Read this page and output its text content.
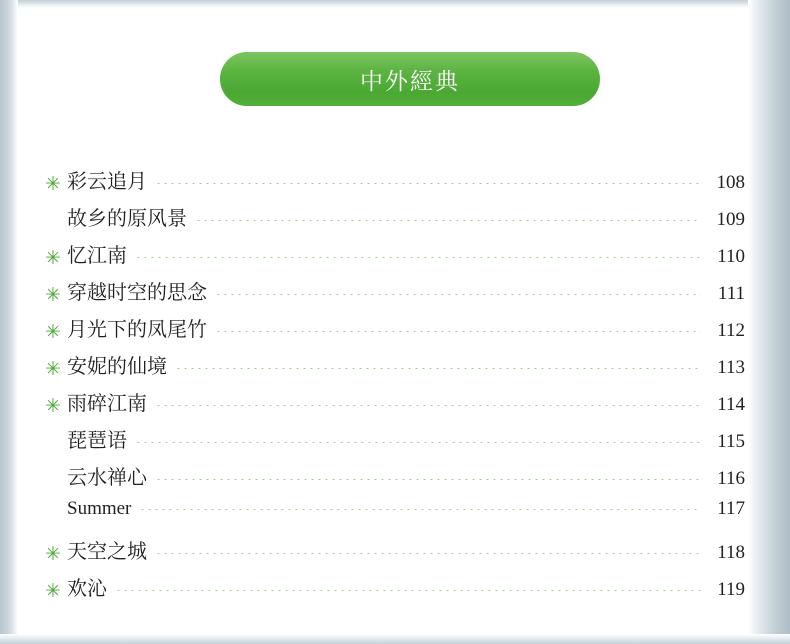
中外經典
✳ 彩云追月	108
故乡的原风景	109
✳ 忆江南	110
✳ 穿越时空的思念	111
✳ 月光下的凤尾竹	112
✳ 安妮的仙境	113
✳ 雨碎江南	114
琵琶语	115
云水禅心	116
Summer	117
✳ 天空之城	118
✳ 欢沁	119
